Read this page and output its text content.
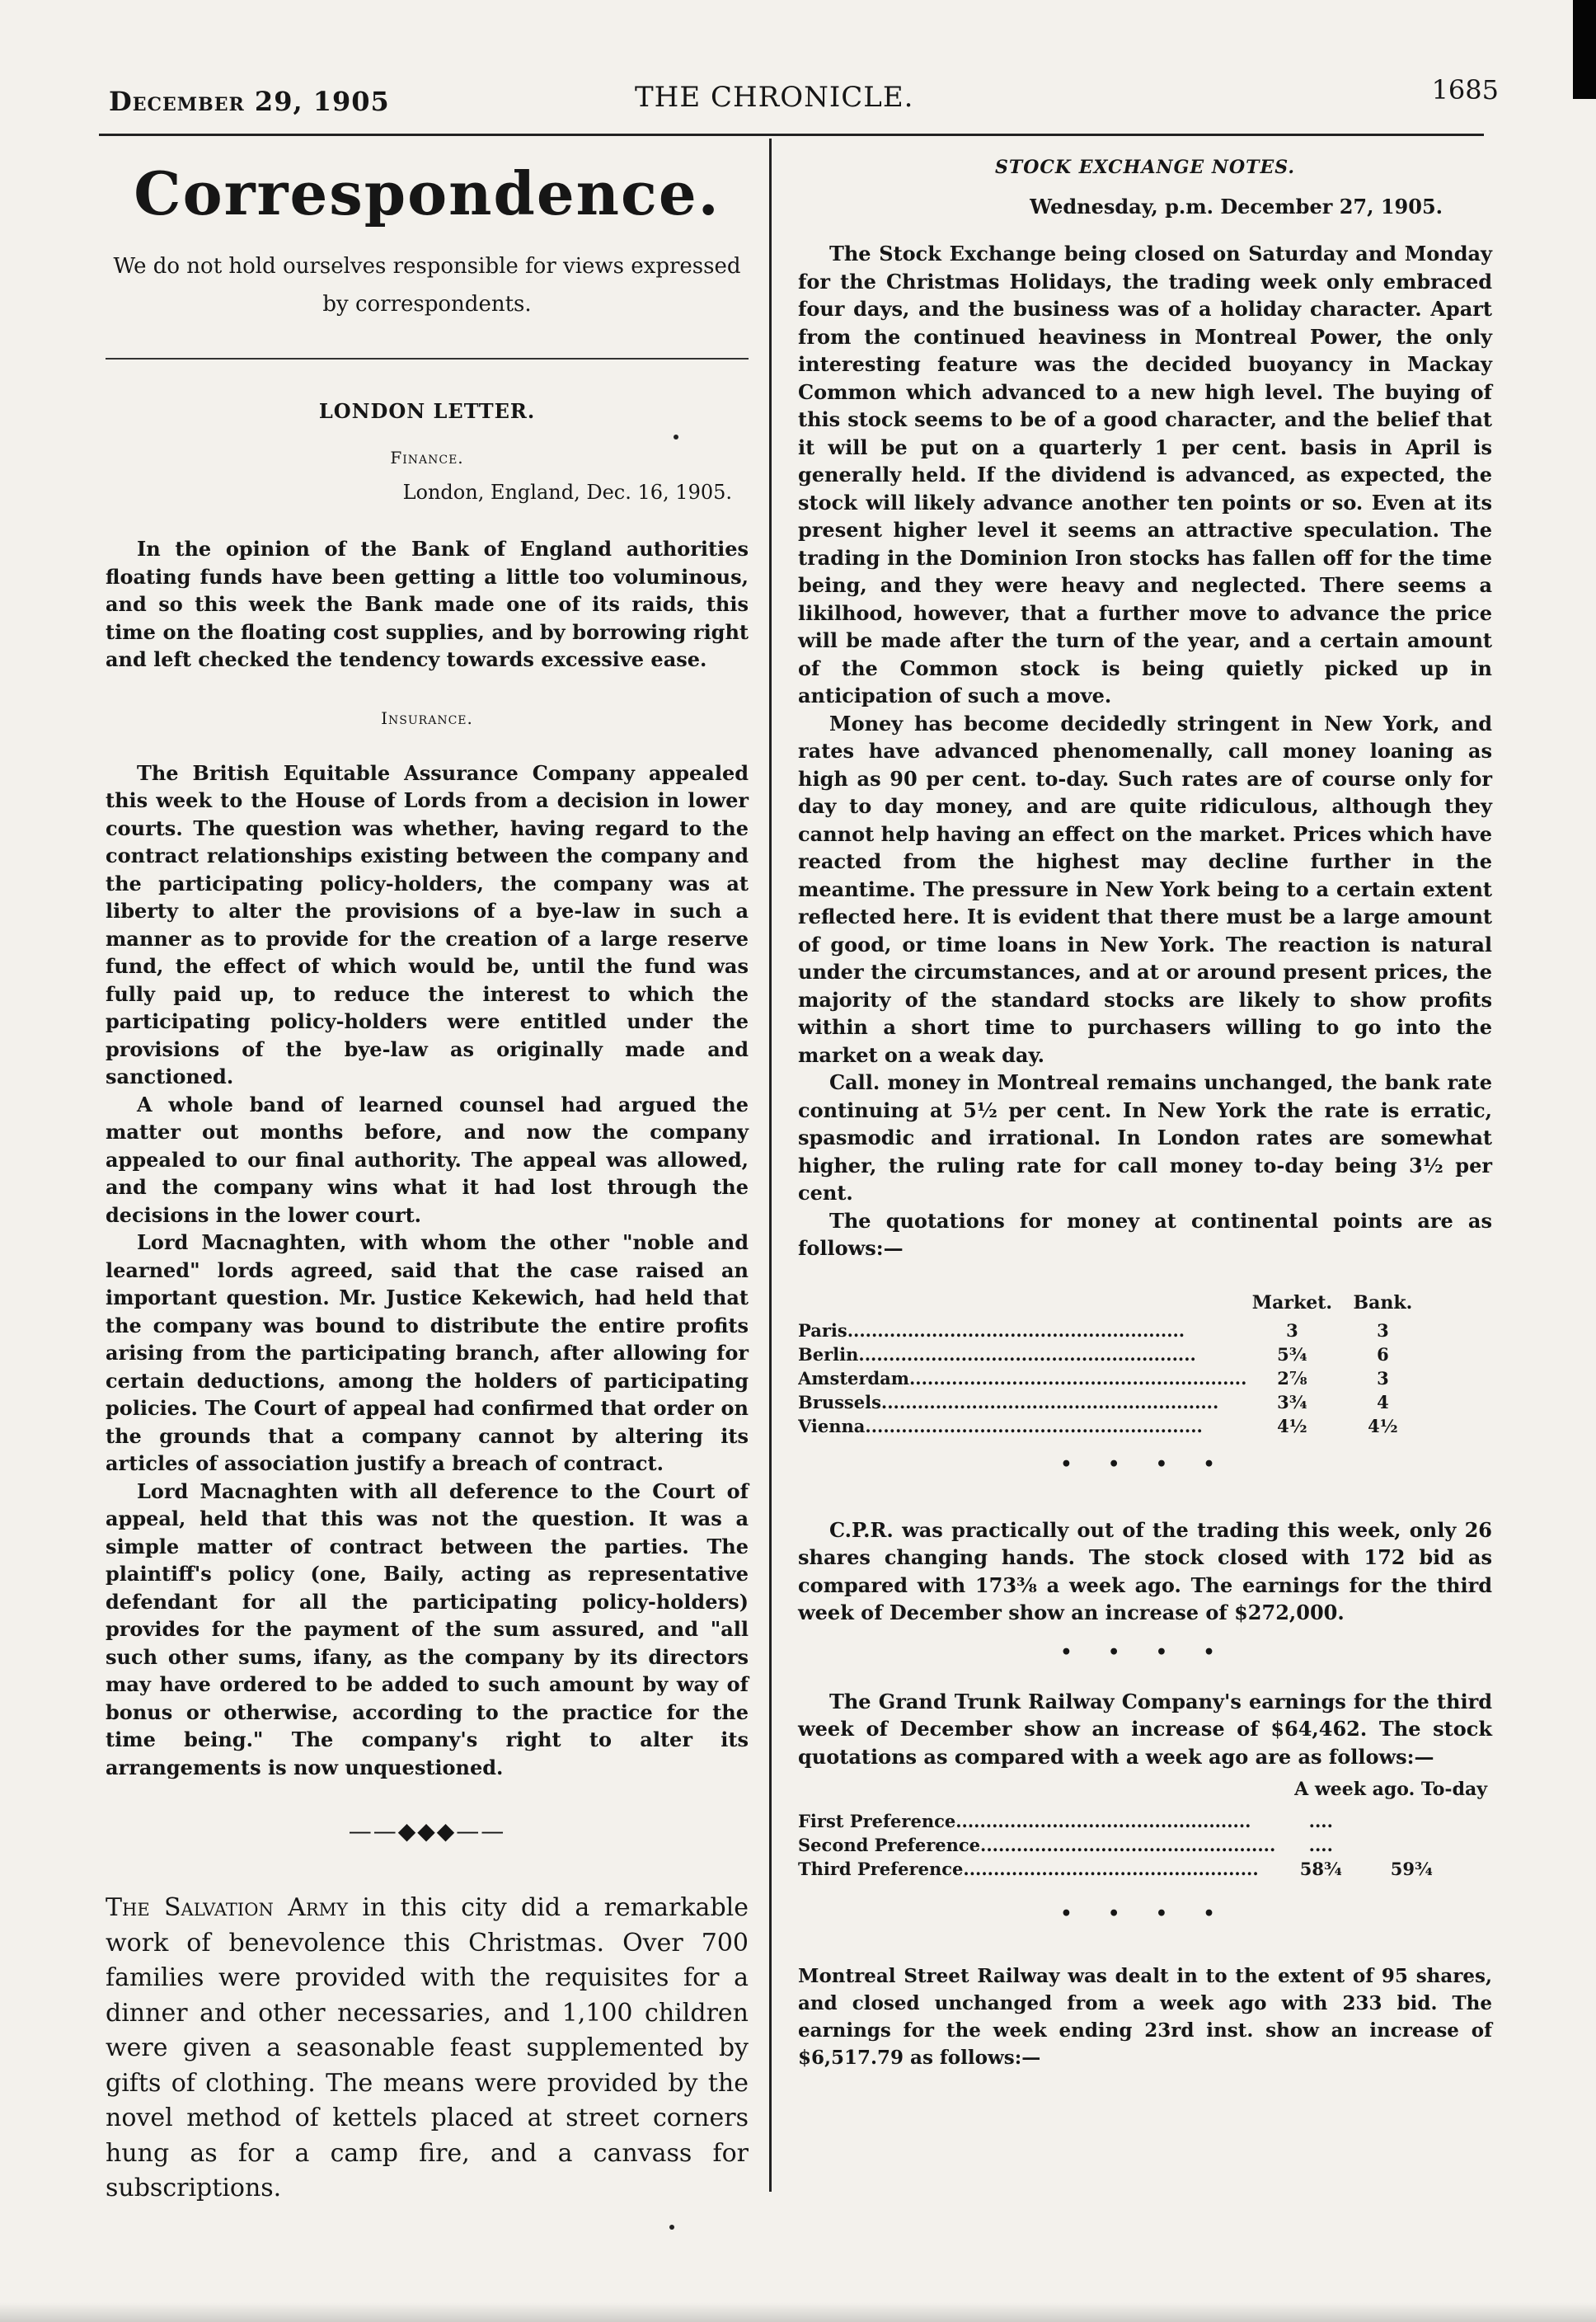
December 29, 1905	THE CHRONICLE.	1685
Correspondence.
We do not hold ourselves responsible for views expressed
by correspondents.
LONDON LETTER.
Finance.
London, England, Dec. 16, 1905.

In the opinion of the Bank of England authorities floating funds have been getting a little too voluminous, and so this week the Bank made one of its raids, this time on the floating cost supplies, and by borrowing right and left checked the tendency towards excessive ease.

Insurance.

The British Equitable Assurance Company appealed this week to the House of Lords from a decision in lower courts. The question was whether, having regard to the contract relationships existing between the company and the participating policy-holders, the company was at liberty to alter the provisions of a bye-law in such a manner as to provide for the creation of a large reserve fund, the effect of which would be, until the fund was fully paid up, to reduce the interest to which the participating policy-holders were entitled under the provisions of the bye-law as originally made and sanctioned.

A whole band of learned counsel had argued the matter out months before, and now the company appealed to our final authority. The appeal was allowed, and the company wins what it had lost through the decisions in the lower court.

Lord Macnaghten, with whom the other "noble and learned" lords agreed, said that the case raised an important question. Mr. Justice Kekewich, had held that the company was bound to distribute the entire profits arising from the participating branch, after allowing for certain deductions, among the holders of participating policies. The Court of appeal had confirmed that order on the grounds that a company cannot by altering its articles of association justify a breach of contract.

Lord Macnaghten with all deference to the Court of appeal, held that this was not the question. It was a simple matter of contract between the parties. The plaintiff's policy (one, Baily, acting as representative defendant for all the participating policy-holders) provides for the payment of the sum assured, and "all such other sums, ifany, as the company by its directors may have ordered to be added to such amount by way of bonus or otherwise, according to the practice for the time being." The company's right to alter its arrangements is now unquestioned.

——◆◆◆——

The Salvation Army in this city did a remarkable work of benevolence this Christmas. Over 700 families were provided with the requisites for a dinner and other necessaries, and 1,100 children were given a seasonable feast supplemented by gifts of clothing. The means were provided by the novel method of kettels placed at street corners hung as for a camp fire, and a canvass for subscriptions.

STOCK EXCHANGE NOTES.
Wednesday, p.m. December 27, 1905.

The Stock Exchange being closed on Saturday and Monday for the Christmas Holidays, the trading week only embraced four days, and the business was of a holiday character. Apart from the continued heaviness in Montreal Power, the only interesting feature was the decided buoyancy in Mackay Common which advanced to a new high level. The buying of this stock seems to be of a good character, and the belief that it will be put on a quarterly 1 per cent. basis in April is generally held. If the dividend is advanced, as expected, the stock will likely advance another ten points or so. Even at its present higher level it seems an attractive speculation. The trading in the Dominion Iron stocks has fallen off for the time being, and they were heavy and neglected. There seems a likilhood, however, that a further move to advance the price will be made after the turn of the year, and a certain amount of the Common stock is being quietly picked up in anticipation of such a move.

Money has become decidedly stringent in New York, and rates have advanced phenomenally, call money loaning as high as 90 per cent. to-day. Such rates are of course only for day to day money, and are quite ridiculous, although they cannot help having an effect on the market. Prices which have reacted from the highest may decline further in the meantime. The pressure in New York being to a certain extent reflected here. It is evident that there must be a large amount of good, or time loans in New York. The reaction is natural under the circumstances, and at or around present prices, the majority of the standard stocks are likely to show profits within a short time to purchasers willing to go into the market on a weak day.

Call. money in Montreal remains unchanged, the bank rate continuing at 5½ per cent. In New York the rate is erratic, spasmodic and irrational. In London rates are somewhat higher, the ruling rate for call money to-day being 3½ per cent.

The quotations for money at continental points are as follows:—

	Market.	Bank.
Paris........................................................	3	3
Berlin........................................................	5¾	6
Amsterdam........................................................	2⅞	3
Brussels........................................................	3¾	4
Vienna........................................................	4½	4½
• • • •

C.P.R. was practically out of the trading this week, only 26 shares changing hands. The stock closed with 172 bid as compared with 173⅜ a week ago. The earnings for the third week of December show an increase of $272,000.

• • • •

The Grand Trunk Railway Company's earnings for the third week of December show an increase of $64,462. The stock quotations as compared with a week ago are as follows:—

A week ago. To-day
First Preference.................................................	....	
Second Preference.................................................	....	
Third Preference.................................................	58¾	59¾
• • • •
Montreal Street Railway was dealt in to the extent of 95 shares, and closed unchanged from a week ago with 233 bid. The earnings for the week ending 23rd inst. show an increase of $6,517.79 as follows:—
